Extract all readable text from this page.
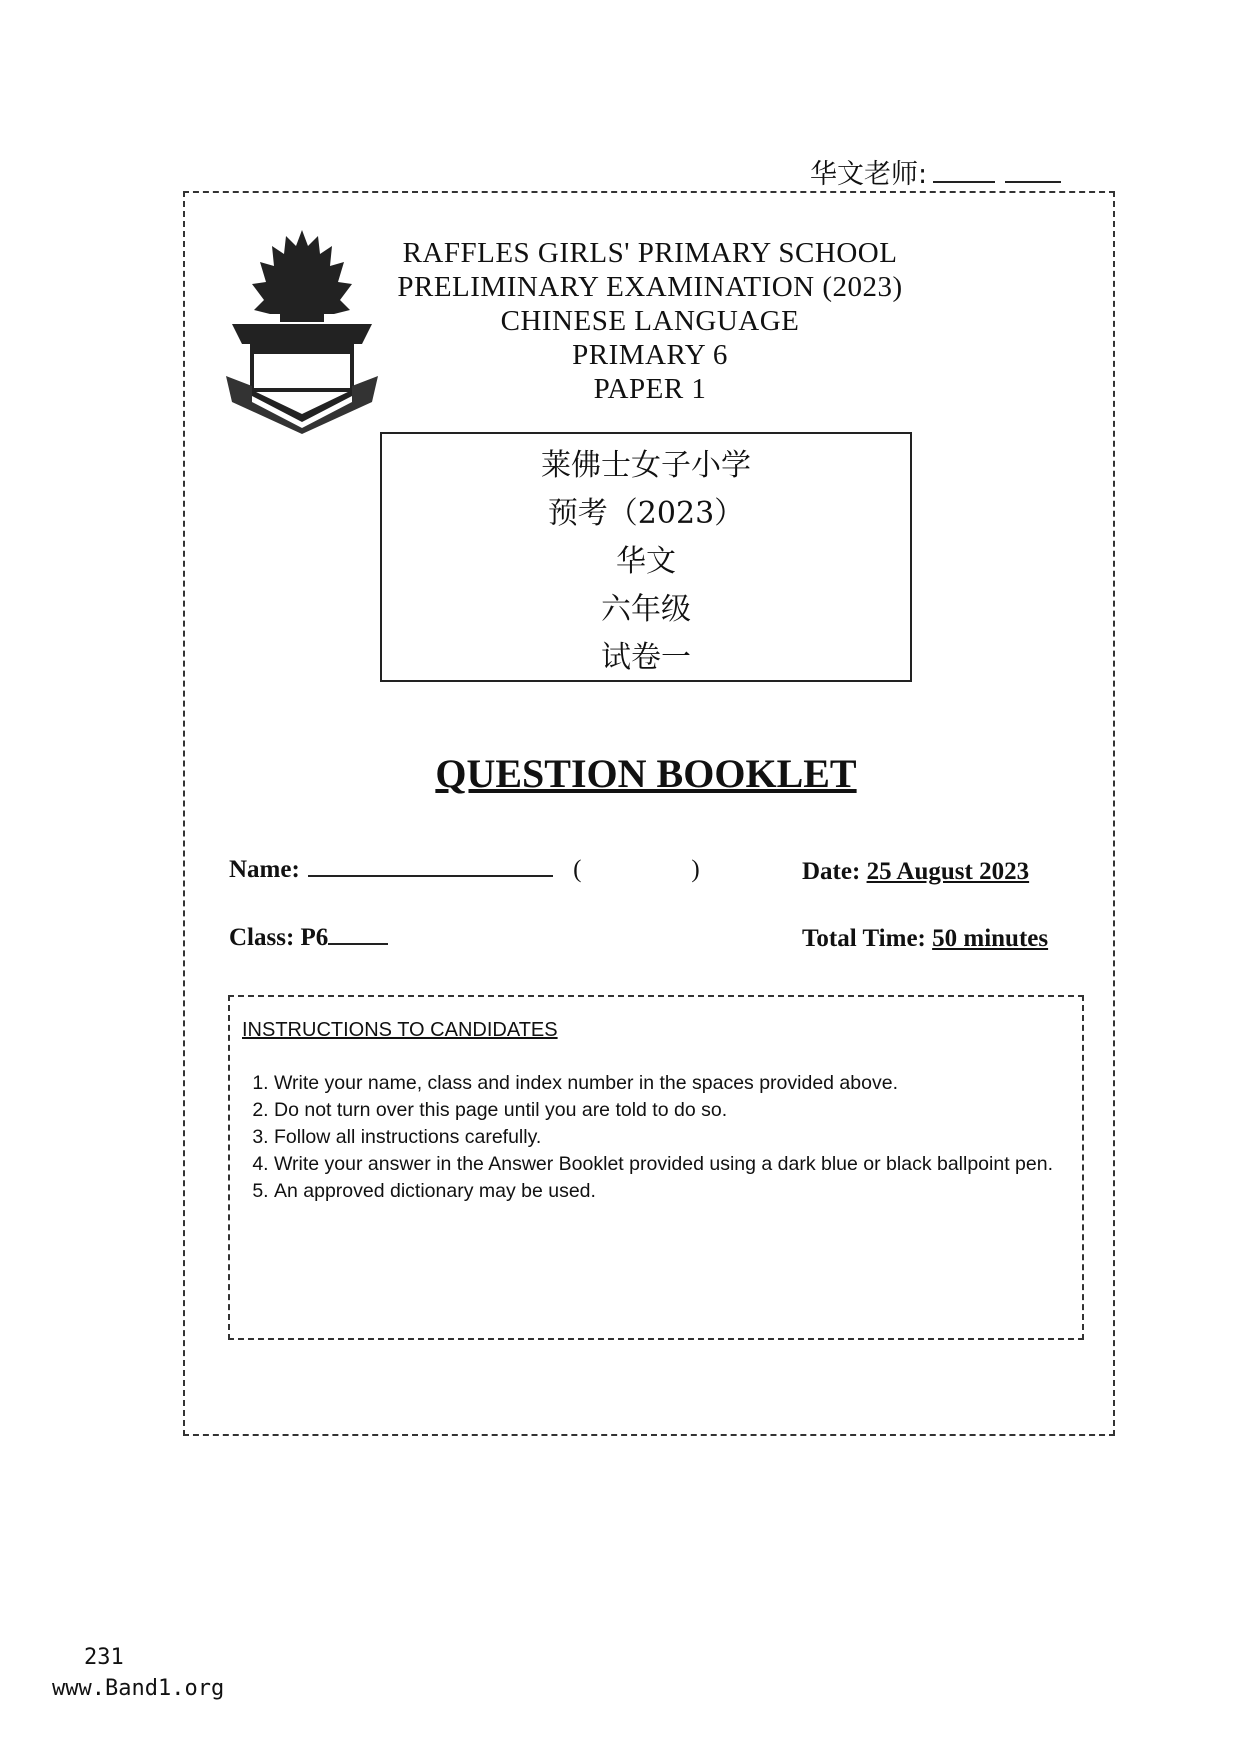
华文老师:
RAFFLES GIRLS' PRIMARY SCHOOL
PRELIMINARY EXAMINATION (2023)
CHINESE LANGUAGE
PRIMARY 6
PAPER 1
莱佛士女子小学
预考（2023）
华文
六年级
试卷一
QUESTION BOOKLET
Name:	(	)	Date: 25 August 2023
Class: P6	Total Time: 50 minutes
INSTRUCTIONS TO CANDIDATES
1. Write your name, class and index number in the spaces provided above.
2. Do not turn over this page until you are told to do so.
3. Follow all instructions carefully.
4. Write your answer in the Answer Booklet provided using a dark blue or black ballpoint pen.
5. An approved dictionary may be used.
231
www.Band1.org
